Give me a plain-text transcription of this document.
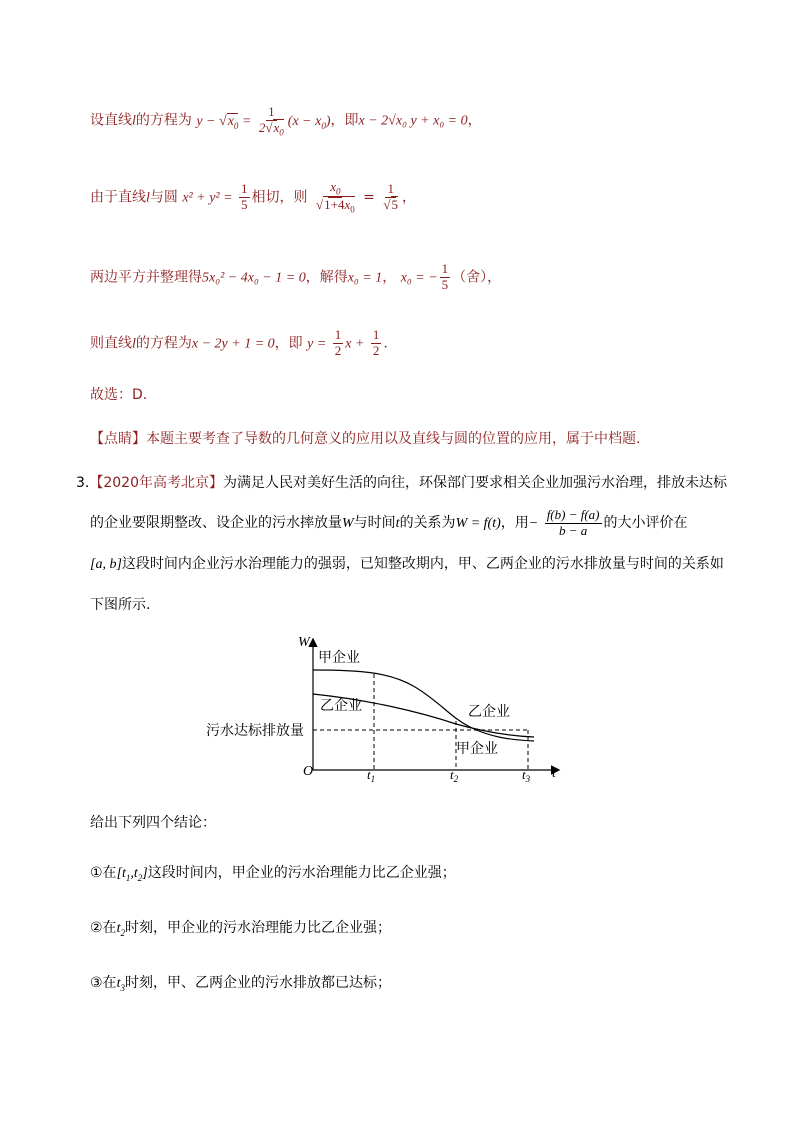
设直线l的方程为 $y - √x_0 = \frac{1}{2√x_0} (x - x_0)$，即x − 2√x₀ y + x₀ = 0，
由于直线l与圆 $x^2 + y^2 = \frac{1}{5}$ 相切，则 $\frac{x_0}{√1+4x_0} = \frac{1}{√5}$ ，
两边平方并整理得5x₀² − 4x₀ − 1 = 0，解得x₀ = 1， x₀ = − $\frac{1}{5}$ （舍），
则直线l的方程为x − 2y + 1 = 0，即 $y = \frac{1}{2}$ $x + \frac{1}{2}$ .
故选：D.
【点睛】本题主要考查了导数的几何意义的应用以及直线与圆的位置的应用，属于中档题.
3.【2020年高考北京】为满足人民对美好生活的向往，环保部门要求相关企业加强污水治理，排放未达标
的企业要限期整改、设企业的污水摔放量W与时间t的关系为W = f(t)，用− $\frac{f(b) - f(a)}{b - a}$ 的大小评价在
[a, b]这段时间内企业污水治理能力的强弱，已知整改期内，甲、乙两企业的污水排放量与时间的关系如
下图所示.
W
t
O
污水达标排放量
甲企业
乙企业	乙企业
甲企业
$t_1$	$t_2$	$t_3$
给出下列四个结论：
①在$[t_1,t_2]$这段时间内，甲企业的污水治理能力比乙企业强；
②在$t_2$时刻，甲企业的污水治理能力比乙企业强；
③在$t_3$时刻，甲、乙两企业的污水排放都已达标；
